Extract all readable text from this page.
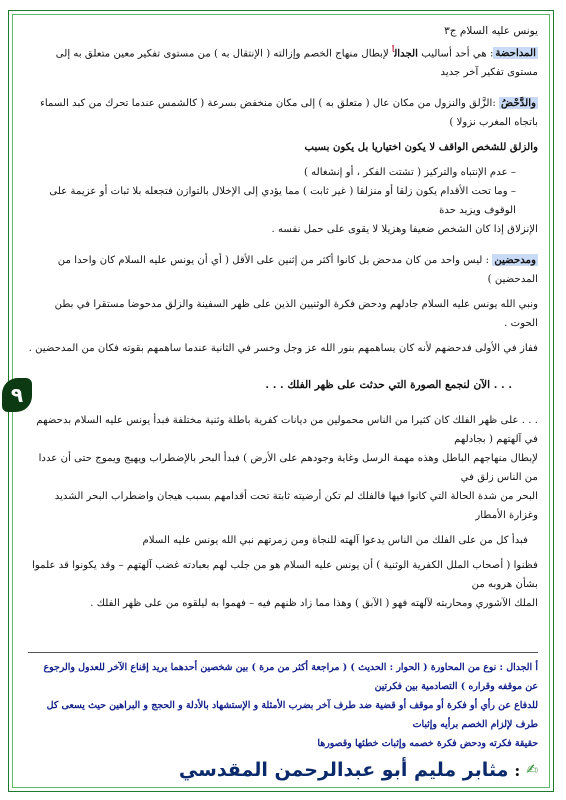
٩
يونس عليه السلام ج٣

المداحضة: هي أحد أساليب الجدال$^أ$ لإبطال منهاج الخصم وإزالته ( الإنتقال به ) من مستوى تفكير معين متعلق به إلى مستوى تفكير آخر جديد

والدَّحْضُ :الزَّلق والنزول من مكان عال ( متعلق به ) إلى مكان منخفض بسرعة ( كالشمس عندما تحرك من كبد السماء باتجاه المغرب نزولا )

والزلق للشخص الواقف لا يكون اختياريا بل يكون بسبب

– عدم الإنتباه والتركيز ( تشتت الفكر ، أو إنشغاله )

– وما تحت الأقدام يكون زلقا أو منزلقا ( غير ثابت ) مما يؤدي إلى الإخلال بالتوازن فتجعله بلا ثبات أو عزيمة على الوقوف ويزيد حدة

الإنزلاق إذا كان الشخص ضعيفا وهزيلا لا يقوى على حمل نفسه .

ومدحضين : ليس واحد من كان مدحض بل كانوا أكثر من إثنين على الأقل ( أي أن يونس عليه السلام كان واحدا من المدحضين )

ونبي الله يونس عليه السلام جادلهم ودحض فكرة الوثنيين الذين على ظهر السفينة والزلق مدحوضا مستقرا في بطن الحوت .

ففاز في الأولى فدحضهم لأنه كان يساهمهم بنور الله عز وجل وخسر في الثانية عندما ساهمهم بقوته فكان من المدحضين .

. . . الآن لنجمع الصورة التي حدثت على ظهر الفلك . . .

. . . على ظهر الفلك كان كثيرا من الناس محمولين من ديانات كفرية باطلة وثنية مختلفة فبدأ يونس عليه السلام بدحضهم في آلهتهم ( بجادلهم

لإبطال منهاجهم الباطل وهذه مهمة الرسل وغاية وجودهم على الأرض ) فبدأ البحر بالإضطراب ويهيج ويموج حتى أن عددا من الناس زلق في

البحر من شدة الحالة التي كانوا فيها فالفلك لم تكن أرضيته ثابتة تحت أقدامهم بسبب هيجان واضطراب البحر الشديد وغزارة الأمطار

فبدأ كل من على الفلك من الناس يدعوا آلهته للنجاة ومن زمرتهم نبي الله يونس عليه السلام

فظنوا ( أصحاب الملل الكفرية الوثنية ) أن يونس عليه السلام هو من جلب لهم بعبادته غضب آلهتهم – وقد يكونوا قد علموا بشأن هروبه من

الملك الآشوري ومحاربته لآلهته فهو ( الآبق ) وهذا مما زاد ظنهم فيه – فهموا به ليلقوه من على ظهر الفلك .

أ الجدال : نوع من المحاورة ( الحوار : الحديث ) ( مراجعة أكثر من مرة ) بين شخصين أحدهما يريد إقناع الآخر للعدول والرجوع عن موقفه وقراره ) التصادمية بين فكرتين
للدفاع عن رأي أو فكرة أو موقف أو قضية ضد طرف آخر بضرب الأمثلة و الإستشهاد بالأدلة و الحجج و البراهين حيث يسعى كل طرف لإلزام الخصم برأيه وإثبات
حقيقة فكرته ودحض فكرة خصمه وإثبات خطئها وقصورها
✍
:
مثابر مليم أبو عبدالرحمن المقدسي
